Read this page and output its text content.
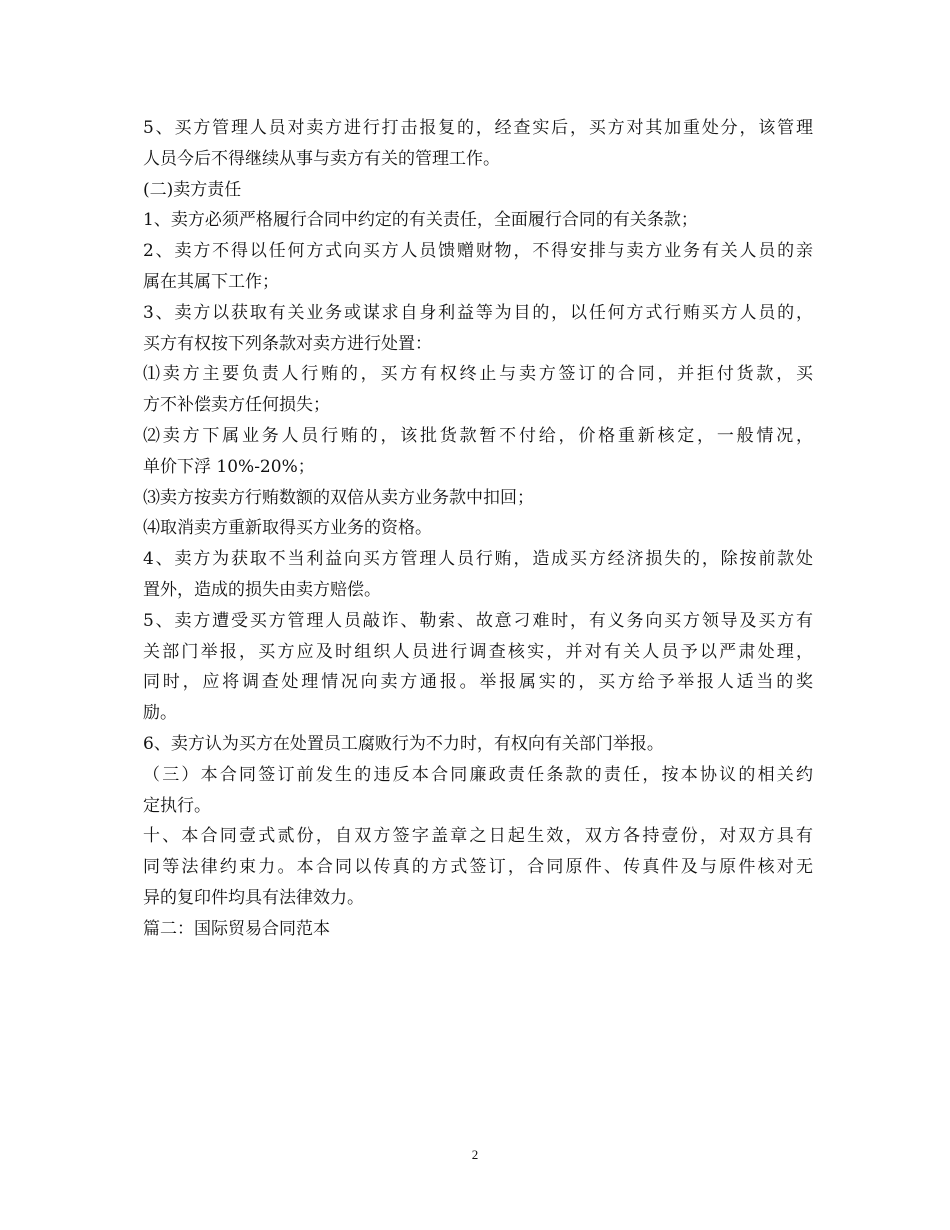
5、买方管理人员对卖方进行打击报复的，经查实后，买方对其加重处分，该管理
人员今后不得继续从事与卖方有关的管理工作。
(二)卖方责任
1、卖方必须严格履行合同中约定的有关责任，全面履行合同的有关条款；
2、卖方不得以任何方式向买方人员馈赠财物，不得安排与卖方业务有关人员的亲
属在其属下工作；
3、卖方以获取有关业务或谋求自身利益等为目的，以任何方式行贿买方人员的，
买方有权按下列条款对卖方进行处置：
⑴卖方主要负责人行贿的，买方有权终止与卖方签订的合同，并拒付货款，买
方不补偿卖方任何损失；
⑵卖方下属业务人员行贿的，该批货款暂不付给，价格重新核定，一般情况，
单价下浮 10%-20%；
⑶卖方按卖方行贿数额的双倍从卖方业务款中扣回；
⑷取消卖方重新取得买方业务的资格。
4、卖方为获取不当利益向买方管理人员行贿，造成买方经济损失的，除按前款处
置外，造成的损失由卖方赔偿。
5、卖方遭受买方管理人员敲诈、勒索、故意刁难时，有义务向买方领导及买方有
关部门举报，买方应及时组织人员进行调查核实，并对有关人员予以严肃处理，
同时，应将调查处理情况向卖方通报。举报属实的，买方给予举报人适当的奖
励。
6、卖方认为买方在处置员工腐败行为不力时，有权向有关部门举报。
（三）本合同签订前发生的违反本合同廉政责任条款的责任，按本协议的相关约
定执行。
十、本合同壹式贰份，自双方签字盖章之日起生效，双方各持壹份，对双方具有
同等法律约束力。本合同以传真的方式签订，合同原件、传真件及与原件核对无
异的复印件均具有法律效力。
篇二：国际贸易合同范本
2
